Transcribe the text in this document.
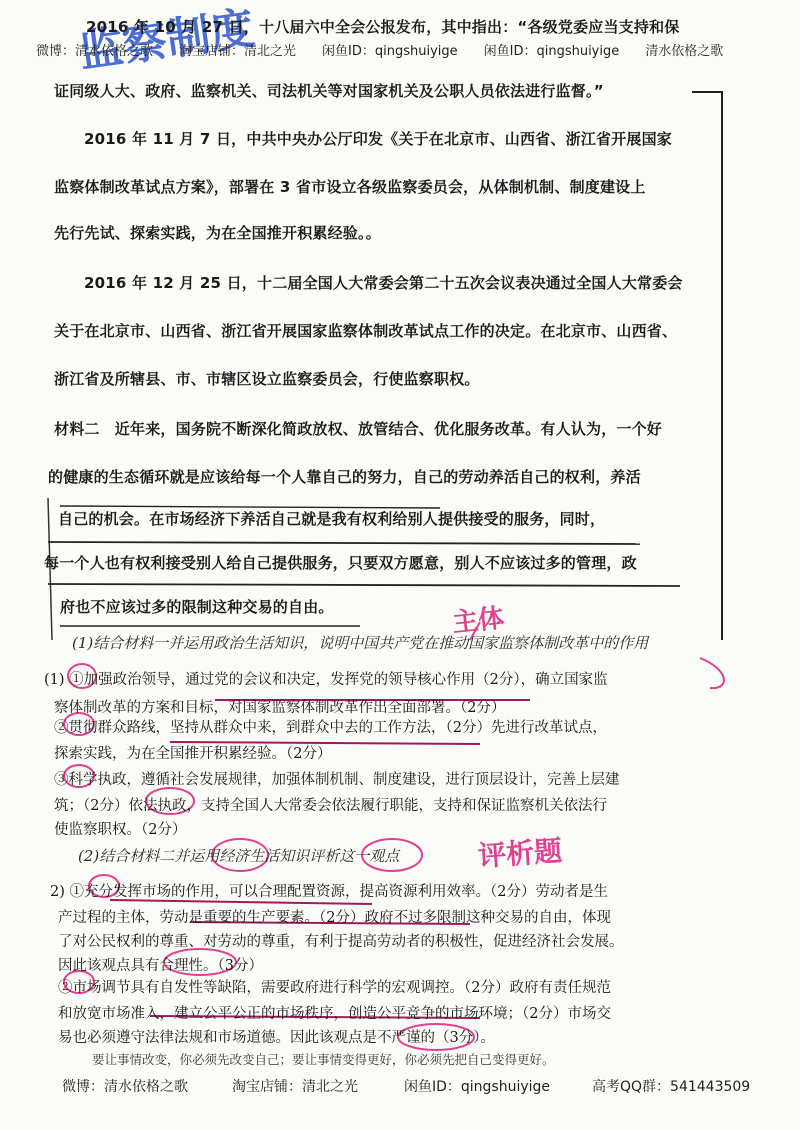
监察制度
微博：清水依格之歌　　淘宝店铺：清北之光　　闲鱼ID：qingshuiyige　　闲鱼ID：qingshuiyige　　清水依格之歌
2016 年 10 月 27 日，十八届六中全会公报发布，其中指出：“各级党委应当支持和保
证同级人大、政府、监察机关、司法机关等对国家机关及公职人员依法进行监督。”
2016 年 11 月 7 日，中共中央办公厅印发《关于在北京市、山西省、浙江省开展国家
监察体制改革试点方案》，部署在 3 省市设立各级监察委员会，从体制机制、制度建设上
先行先试、探索实践，为在全国推开积累经验。。
2016 年 12 月 25 日，十二届全国人大常委会第二十五次会议表决通过全国人大常委会
关于在北京市、山西省、浙江省开展国家监察体制改革试点工作的决定。在北京市、山西省、
浙江省及所辖县、市、市辖区设立监察委员会，行使监察职权。
材料二　近年来，国务院不断深化简政放权、放管结合、优化服务改革。有人认为，一个好
的健康的生态循环就是应该给每一个人靠自己的努力，自己的劳动养活自己的权利，养活
自己的机会。在市场经济下养活自己就是我有权利给别人提供接受的服务，同时，
每一个人也有权利接受别人给自己提供服务，只要双方愿意，别人不应该过多的管理，政
府也不应该过多的限制这种交易的自由。	主体
(1)结合材料一并运用政治生活知识，说明中国共产党在推动国家监察体制改革中的作用
(1) ①加强政治领导，通过党的会议和决定，发挥党的领导核心作用（2分），确立国家监
察体制改革的方案和目标，对国家监察体制改革作出全面部署。（2分）
②贯彻群众路线，坚持从群众中来，到群众中去的工作方法，（2分）先进行改革试点，
探索实践，为在全国推开积累经验。（2分）
③科学执政，遵循社会发展规律，加强体制机制、制度建设，进行顶层设计，完善上层建
筑；（2分）依法执政，支持全国人大常委会依法履行职能，支持和保证监察机关依法行
使监察职权。（2分）
(2)结合材料二并运用经济生活知识评析这一观点	评析题
2) ①充分发挥市场的作用，可以合理配置资源，提高资源利用效率。（2分）劳动者是生
产过程的主体，劳动是重要的生产要素。（2分）政府不过多限制这种交易的自由，体现
了对公民权利的尊重、对劳动的尊重，有利于提高劳动者的积极性，促进经济社会发展。
因此该观点具有合理性。（3分）
②市场调节具有自发性等缺陷，需要政府进行科学的宏观调控。（2分）政府有责任规范
和放宽市场准入，建立公平公正的市场秩序，创造公平竞争的市场环境；（2分）市场交
易也必须遵守法律法规和市场道德。因此该观点是不严谨的（3分）。
要让事情改变，你必须先改变自己；要让事情变得更好，你必须先把自己变得更好。
微博：清水依格之歌	淘宝店铺：清北之光	闲鱼ID：qingshuiyige	高考QQ群：541443509
